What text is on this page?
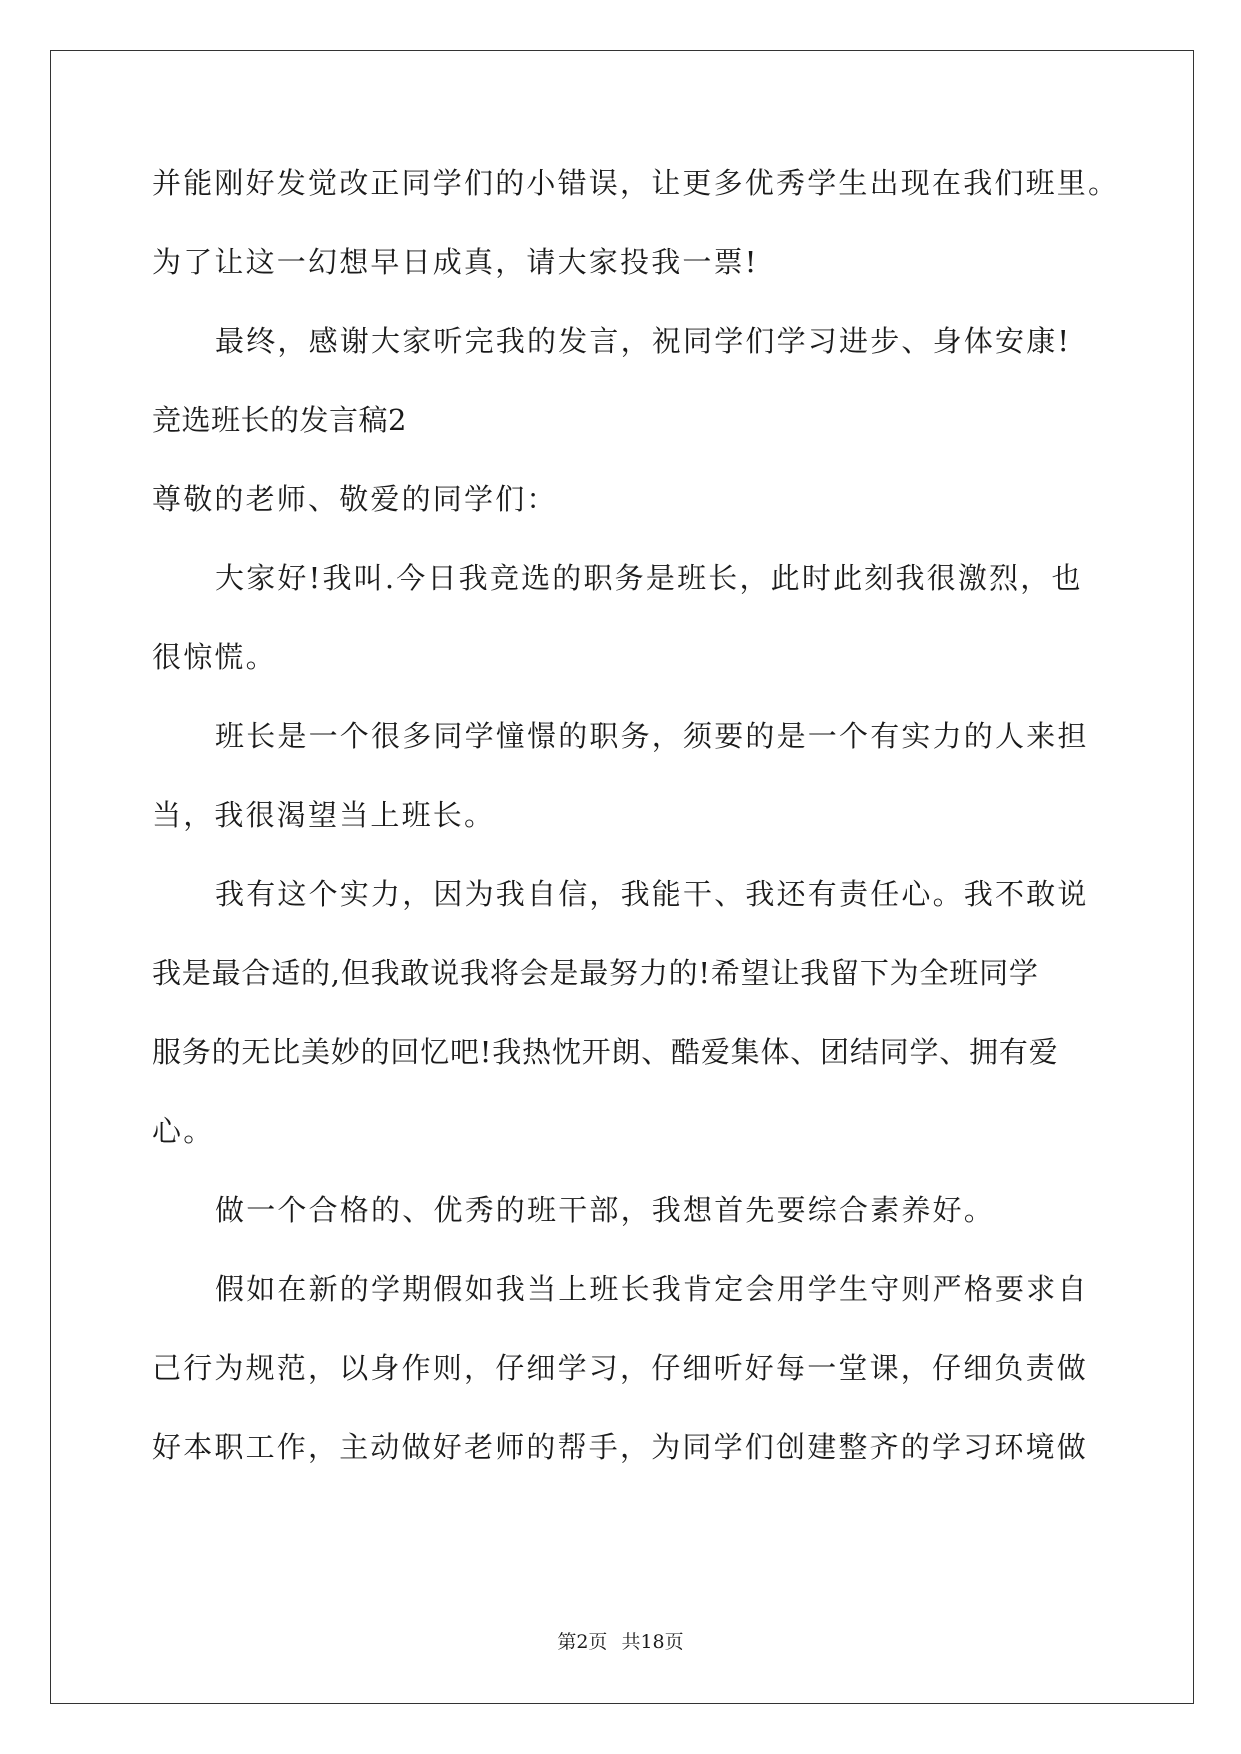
并能刚好发觉改正同学们的小错误，让更多优秀学生出现在我们班里。
为了让这一幻想早日成真，请大家投我一票!
最终，感谢大家听完我的发言，祝同学们学习进步、身体安康!
竞选班长的发言稿2
尊敬的老师、敬爱的同学们：
大家好!我叫.今日我竞选的职务是班长，此时此刻我很激烈，也
很惊慌。
班长是一个很多同学憧憬的职务，须要的是一个有实力的人来担
当，我很渴望当上班长。
我有这个实力，因为我自信，我能干、我还有责任心。我不敢说
我是最合适的,但我敢说我将会是最努力的!希望让我留下为全班同学
服务的无比美妙的回忆吧!我热忱开朗、酷爱集体、团结同学、拥有爱
心。
做一个合格的、优秀的班干部，我想首先要综合素养好。
假如在新的学期假如我当上班长我肯定会用学生守则严格要求自
己行为规范，以身作则，仔细学习，仔细听好每一堂课，仔细负责做
好本职工作，主动做好老师的帮手，为同学们创建整齐的学习环境做
第2页 共18页
